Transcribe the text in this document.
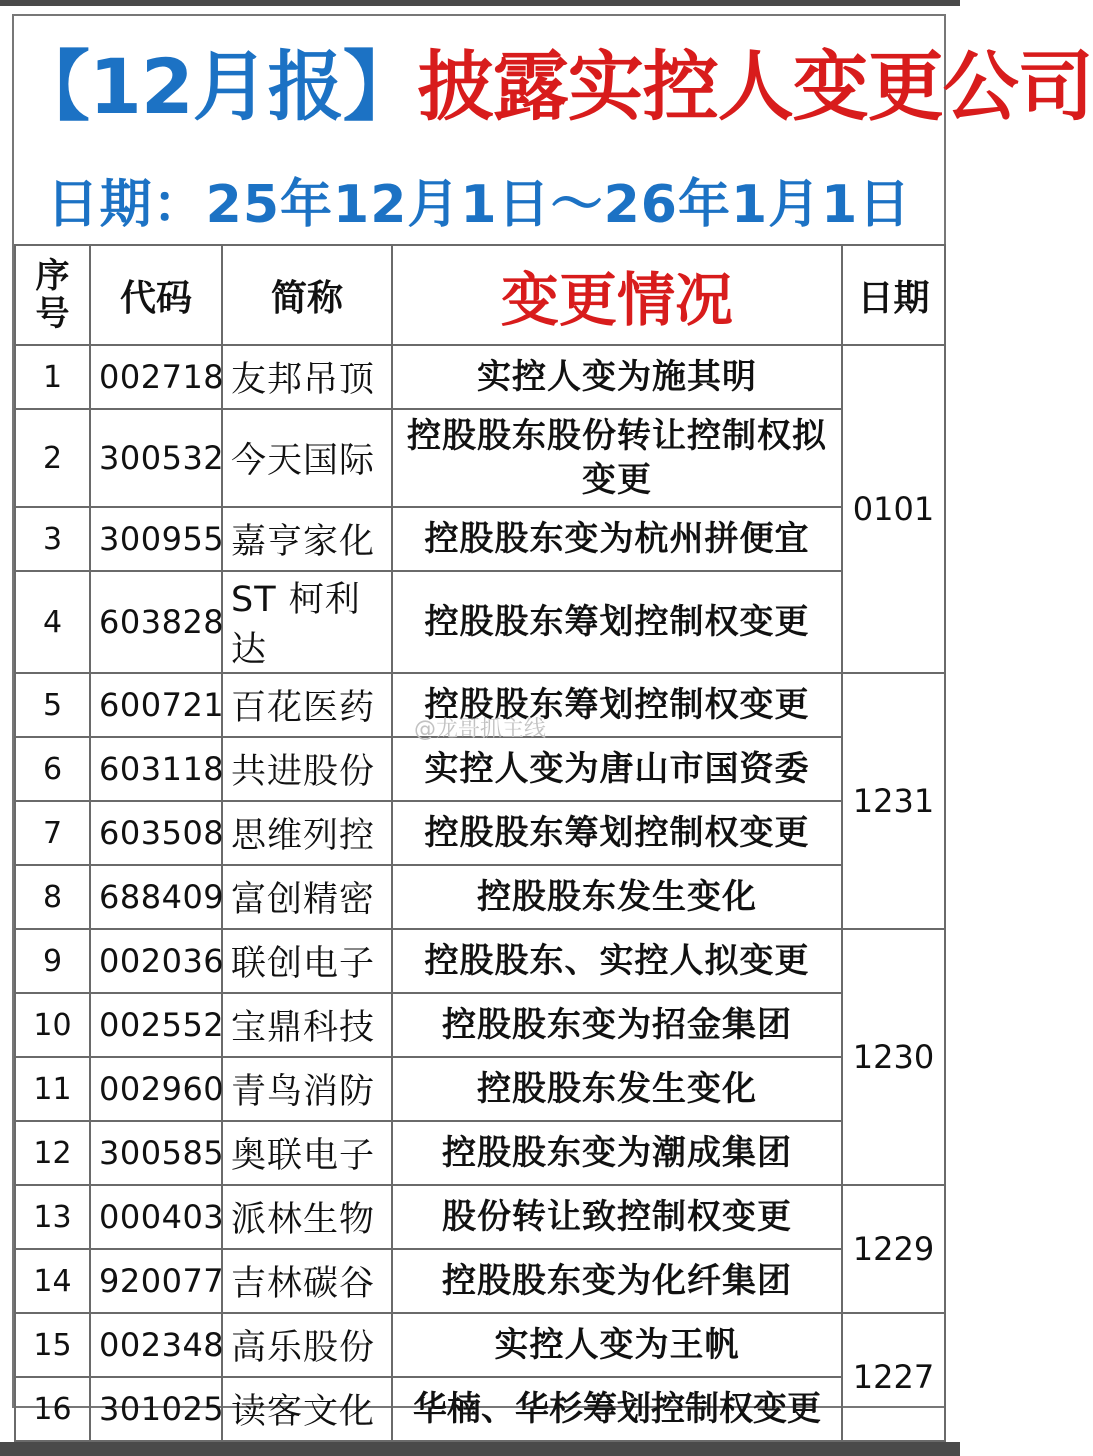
【12月报】披露实控人变更公司
日期：25年12月1日～26年1月1日
序
号	代码	简称	变更情况	日期
1	002718	友邦吊顶	实控人变为施其明	0101
2	300532	今天国际	控股股东股份转让控制权拟变更	
3	300955	嘉亨家化	控股股东变为杭州拼便宜	
4	603828	ST 柯利达	控股股东筹划控制权变更	
5	600721	百花医药	控股股东筹划控制权变更	1231
6	603118	共进股份	实控人变为唐山市国资委	
7	603508	思维列控	控股股东筹划控制权变更	
8	688409	富创精密	控股股东发生变化	
9	002036	联创电子	控股股东、实控人拟变更	1230
10	002552	宝鼎科技	控股股东变为招金集团	
11	002960	青鸟消防	控股股东发生变化	
12	300585	奥联电子	控股股东变为潮成集团	
13	000403	派林生物	股份转让致控制权变更	1229
14	920077	吉林碳谷	控股股东变为化纤集团	
15	002348	高乐股份	实控人变为王帆	1227
16	301025	读客文化	华楠、华杉筹划控制权变更	
@龙哥抓主线
